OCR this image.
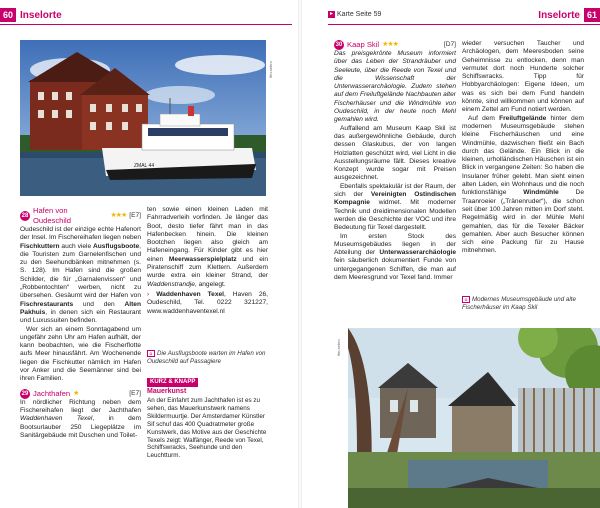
60 Inselorte
waddenexcursies
ZMAL 44
Ifm-sebro
28
Hafen von Oudeschild
★★★ [E7]

Oudeschild ist der einzige echte Hafenort der Insel. Im Fischereihafen liegen neben Fischkuttern auch viele Ausflugsboote, die Touristen zum Garnelenfischen und zu den Seehundbänken mitnehmen (s. S. 128). Im Hafen sind die großen Schilder, die für „Garnalenvissen“ und „Robbentochten“ werben, nicht zu übersehen. Gesäumt wird der Hafen von Fischrestaurants und den Alten Pakhuis, in denen sich ein Restaurant und Luxussuiten befinden.

Wer sich an einem Sonntagabend um ungefähr zehn Uhr am Hafen aufhält, der kann beobachten, wie die Fischerflotte aufs Meer hinausfährt. Am Wochenende liegen die Fischkutter nämlich im Hafen vor Anker und die Seemänner sind bei ihren Familien.

29 Jachthafen ★	[E7]

In nördlicher Richtung neben dem Fischereihafen liegt der Jachthafen Waddenhaven Texel, in dem Bootsurlauber 250 Liegeplätze im Sanitärgebäude mit Duschen und Toilet-

ten sowie einen kleinen Laden mit Fahrradverleih vorfinden. Je länger das Boot, desto tiefer fährt man in das Hafenbecken hinein. Die kleinen Bootchen liegen also gleich am Hafeneingang. Für Kinder gibt es hier einen Meerwasserspielplatz und ein Piratenschiff zum Klettern. Außerdem wurde extra ein kleiner Strand, der Waddenstrandje, angelegt.

› Waddenhaven Texel, Haven 26, Oudeschild, Tel. 0222 321227, www.waddenhaventexel.nl

◘ Die Ausflugsboote warten im Hafen von Oudeschild auf Passagiere
KURZ & KNAPP
Mauerkunst

An der Einfahrt zum Jachthafen ist es zu sehen, das Mauerkunstwerk namens Skildermuurtje. Der Amsterdamer Künstler Sif schuf das 400 Quadratmeter große Kunstwerk, das Motive aus der Geschichte Texels zeigt: Walfänger, Reede von Texel, Schiffswracks, Seehunde und den Leuchtturm.

▸ Karte Seite 59	Inselorte 61
30 Kaap Skil ★★★	[D7]

Das preisgekrönte Museum informiert über das Leben der Strandräuber und Seeleute, über die Reede von Texel und die Wissenschaft der Unterwasserarchäologie. Zudem stehen auf dem Freiluftgelände Nachbauten alter Fischerhäuser und die Windmühle von Oudeschild, in der heute noch Mehl gemahlen wird.

Auffallend am Museum Kaap Skil ist das außergewöhnliche Gebäude, durch dessen Glaskubus, der von langen Holzlatten geschützt wird, viel Licht in die Ausstellungsräume fällt. Dieses kreative Konzept wurde sogar mit Preisen ausgezeichnet.

Ebenfalls spektakulär ist der Raum, der sich der Vereinigten Ostindischen Kompagnie widmet. Mit moderner Technik und dreidimensionalen Modellen werden die Geschichte der VOC und ihre Bedeutung für Texel dargestellt.

Im ersten Stock des Museumsgebäudes liegen in der Abteilung der Unterwasserarchäologie fein säuberlich dokumentiert Funde von untergegangenen Schiffen, die man auf dem Meeresgrund vor Texel fand. Immer

wieder versuchen Taucher und Archäologen, dem Meeresboden seine Geheimnisse zu entlocken, denn man vermutet dort noch Hunderte solcher Schiffswracks. Tipp für Hobbyarchäologen: Eigene Ideen, um was es sich bei dem Fund handeln könnte, sind willkommen und können auf einem Zettel am Fund notiert werden.

Auf dem Freiluftgelände hinter dem modernen Museumsgebäude stehen kleine Fischerhäuschen und eine Windmühle, dazwischen fließt ein Bach durch das Gelände. Ein Blick in die kleinen, urholländischen Häuschen ist ein Blick in vergangene Zeiten: So haben die Insulaner früher gelebt. Man sieht einen alten Laden, ein Wohnhaus und die noch funktionsfähige Windmühle De Traanroeier („Tränenruder“), die schon seit über 100 Jahren mitten im Dorf steht. Regelmäßig wird in der Mühle Mehl gemahlen, das für die Texeler Bäcker gemahlen. Aber auch Besucher können sich eine Packung für zu Hause mitnehmen.

◘ Modernes Museumsgebäude und alte Fischerhäuser im Kaap Skil
lfm-sebro
